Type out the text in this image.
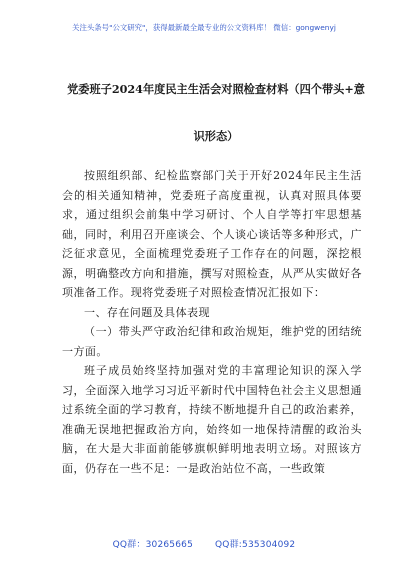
关注头条号"公文研究"，获得最新最全最专业的公文资料库！ 微信：gongwenyj
党委班子2024年度民主生活会对照检查材料（四个带头+意识形态）

按照组织部、纪检监察部门关于开好2024年民主生活会的相关通知精神，党委班子高度重视，认真对照具体要求，通过组织会前集中学习研讨、个人自学等打牢思想基础，同时，利用召开座谈会、个人谈心谈话等多种形式，广泛征求意见，全面梳理党委班子工作存在的问题，深挖根源，明确整改方向和措施，撰写对照检查，从严从实做好各项准备工作。现将党委班子对照检查情况汇报如下：

一、存在问题及具体表现

（一）带头严守政治纪律和政治规矩，维护党的团结统一方面。

班子成员始终坚持加强对党的丰富理论知识的深入学习，全面深入地学习习近平新时代中国特色社会主义思想通过系统全面的学习教育，持续不断地提升自己的政治素养，准确无误地把握政治方向，始终如一地保持清醒的政治头脑，在大是大非面前能够旗帜鲜明地表明立场。对照该方面，仍存在一些不足：一是政治站位不高，一些政策

QQ群：30265665 QQ群:535304092
